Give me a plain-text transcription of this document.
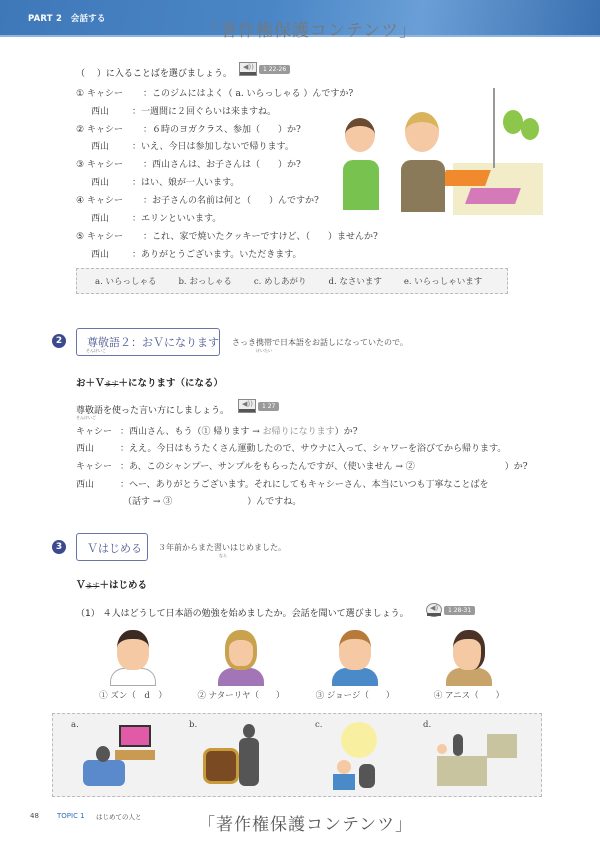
PART 2　会話する
「著作権保護コンテンツ」
（　 ）に入ることばを選びましょう。
◀))	1 22-26
① キャシー ：このジムにはよく（ a. いらっしゃる ）んですか?
西山	：一週間に２回ぐらいは来ますね。
② キャシー ：６時のヨガクラス、参加（　　）か?
西山	：いえ、今日は参加しないで帰ります。
③ キャシー ：西山さんは、お子さんは（　　）か?
西山	：はい、娘が一人います。
④ キャシー ：お子さんの名前は何と（　　）んですか?
西山	：エリンといいます。
⑤ キャシー ：これ、家で焼いたクッキーですけど、（　　）ませんか?
西山	：ありがとうございます。いただきます。
a. いらっしゃる	b. おっしゃる	c. めしあがり	d. なさいます	e. いらっしゃいます
2	尊敬語２：おＶになります
そんけいご
さっき携帯で日本語をお話しになっていたので。
けいたい
お＋Ｖます＋になります（になる）
尊敬語を使った言い方にしましょう。
そんけいご
◀))	1 27
キャシー ：西山さん、もう（① 帰ります → お帰りになります）か?
西山	：ええ。今日はもうたくさん運動したので、サウナに入って、シャワーを浴びてから帰ります。
キャシー ：あ、このシャンプー、サンプルをもらったんですが、（使いません → ②	）か?
西山	：へー、ありがとうございます。それにしてもキャシーさん、本当にいつも丁寧なことばを
（話す → ③	）んですね。
3	Ｖはじめる	３年前からまた習いはじめました。
なら
Ｖます＋はじめる
（1） ４人はどうして日本語の勉強を始めましたか。会話を聞いて選びましょう。
◀)	1 28-31
① ズン（　d　）	② ナターリヤ（　　）	③ ジョージ（　　）	④ アニス（　　）
a.	b.	c.	d.
48	TOPIC 1 はじめての人と	「著作権保護コンテンツ」
